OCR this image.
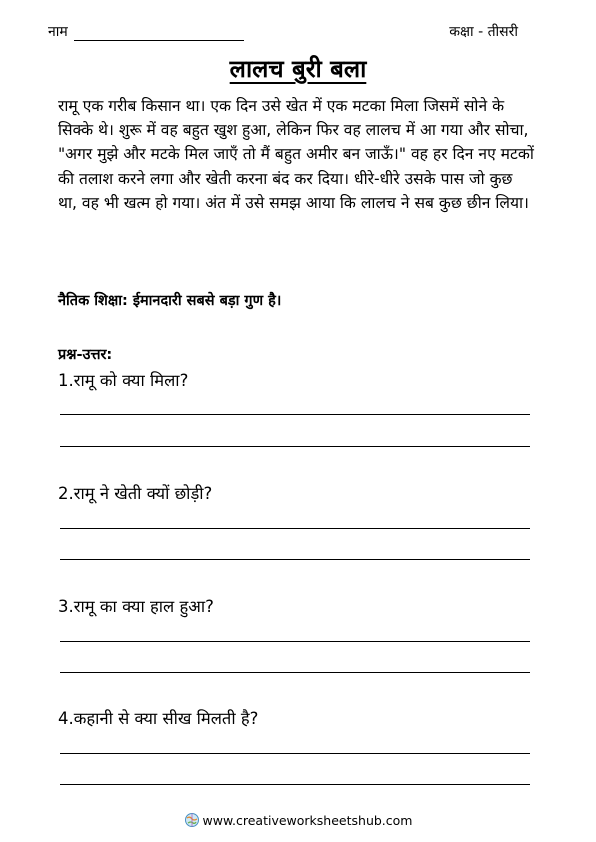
नाम	कक्षा - तीसरी
लालच बुरी बला

रामू एक गरीब किसान था। एक दिन उसे खेत में एक मटका मिला जिसमें सोने के सिक्के थे। शुरू में वह बहुत खुश हुआ, लेकिन फिर वह लालच में आ गया और सोचा, "अगर मुझे और मटके मिल जाएँ तो मैं बहुत अमीर बन जाऊँ।" वह हर दिन नए मटकों की तलाश करने लगा और खेती करना बंद कर दिया। धीरे-धीरे उसके पास जो कुछ था, वह भी खत्म हो गया। अंत में उसे समझ आया कि लालच ने सब कुछ छीन लिया।

नैतिक शिक्षा: ईमानदारी सबसे बड़ा गुण है।
प्रश्न-उत्तर:
1.रामू को क्या मिला?
2.रामू ने खेती क्यों छोड़ी?
3.रामू का क्या हाल हुआ?
4.कहानी से क्या सीख मिलती है?
www.creativeworksheetshub.com
